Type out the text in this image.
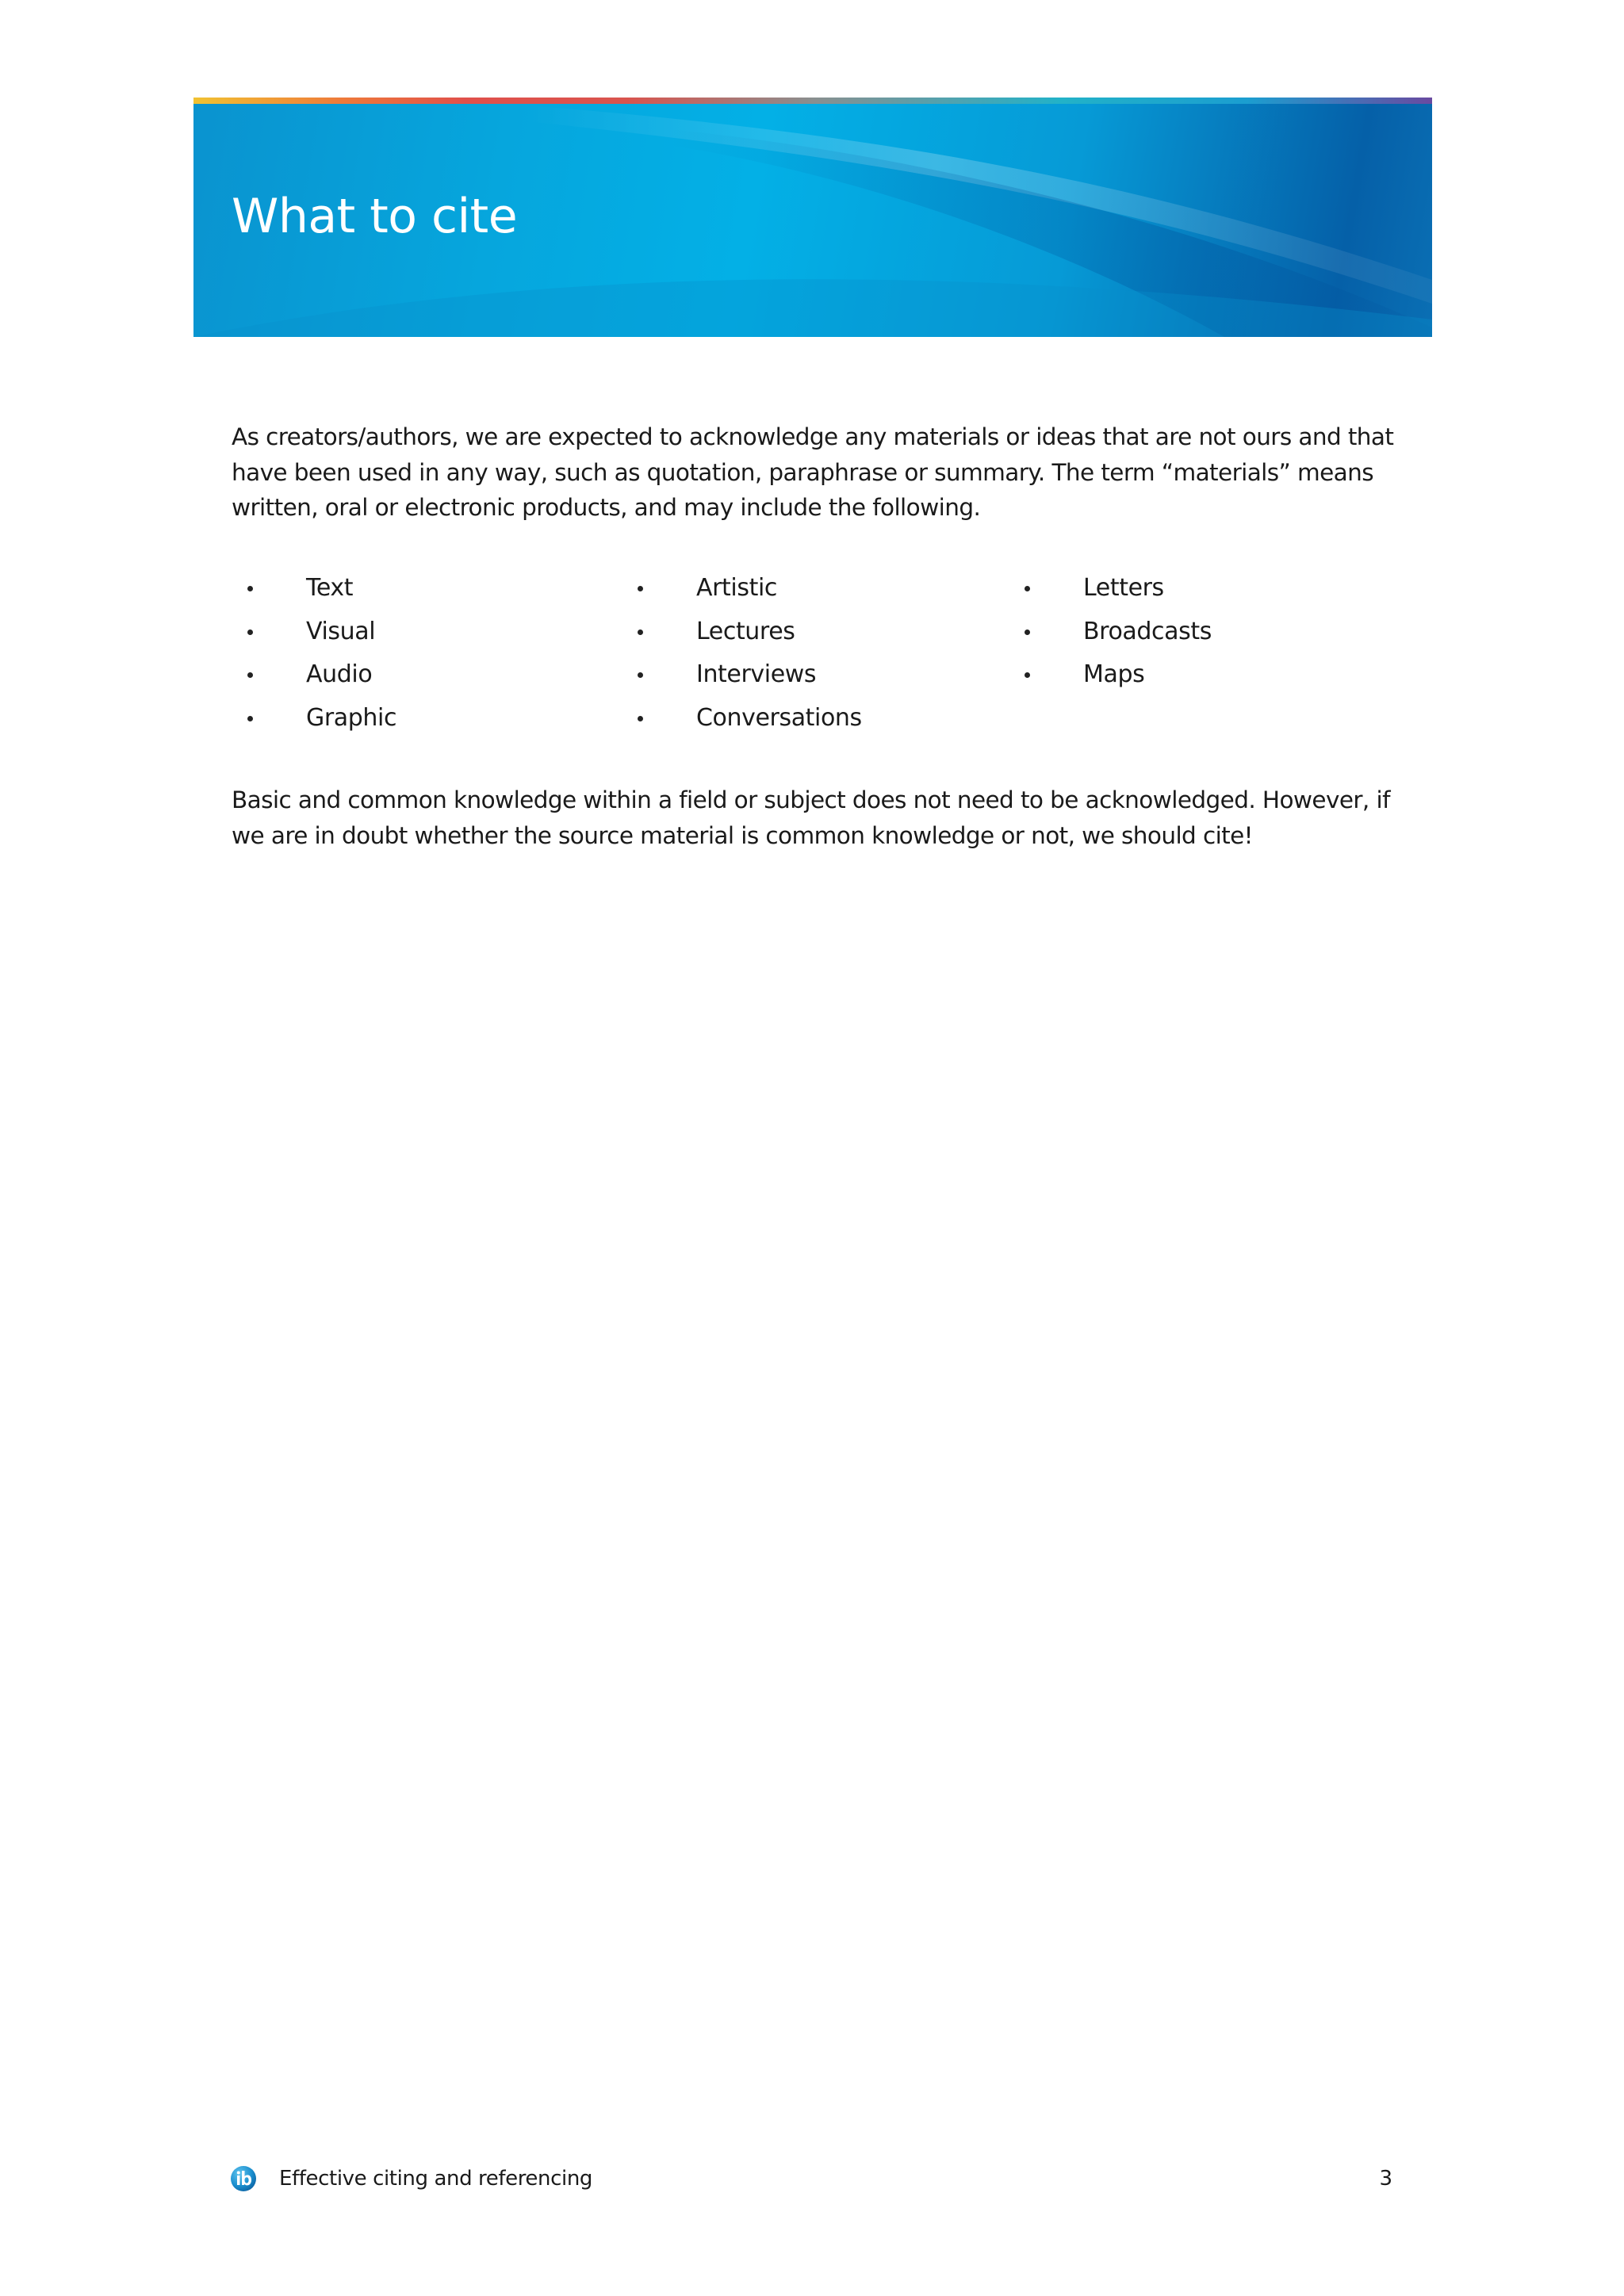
What to cite

As creators/authors, we are expected to acknowledge any materials or ideas that are not ours and that have been used in any way, such as quotation, paraphrase or summary. The term “materials” means written, oral or electronic products, and may include the following.

Text
Visual
Audio
Graphic
Artistic
Lectures
Interviews
Conversations
Letters
Broadcasts
Maps

Basic and common knowledge within a field or subject does not need to be acknowledged. However, if we are in doubt whether the source material is common knowledge or not, we should cite!

Effective citing and referencing	3
